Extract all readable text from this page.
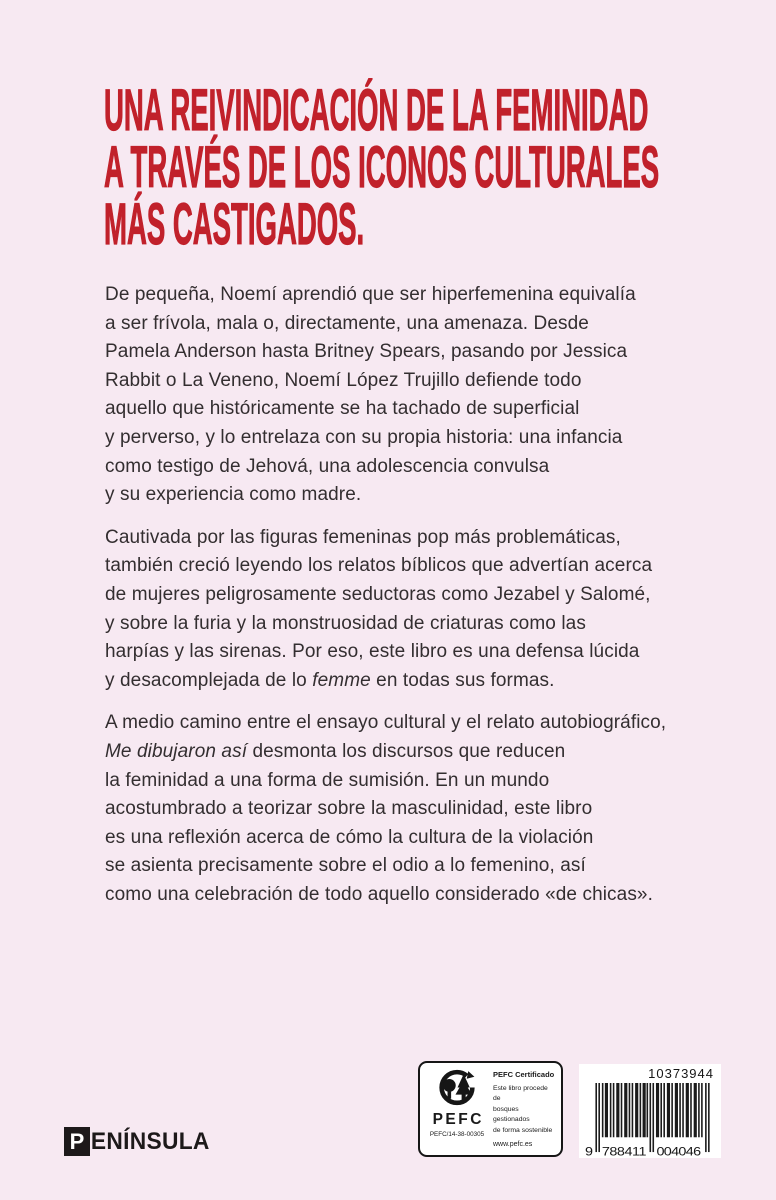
UNA REIVINDICACIÓN DE LA FEMINIDAD
A TRAVÉS DE LOS ICONOS CULTURALES
MÁS CASTIGADOS.
De pequeña, Noemí aprendió que ser hiperfemenina equivalía
a ser frívola, mala o, directamente, una amenaza. Desde
Pamela Anderson hasta Britney Spears, pasando por Jessica
Rabbit o La Veneno, Noemí López Trujillo defiende todo
aquello que históricamente se ha tachado de superficial
y perverso, y lo entrelaza con su propia historia: una infancia
como testigo de Jehová, una adolescencia convulsa
y su experiencia como madre.
Cautivada por las figuras femeninas pop más problemáticas,
también creció leyendo los relatos bíblicos que advertían acerca
de mujeres peligrosamente seductoras como Jezabel y Salomé,
y sobre la furia y la monstruosidad de criaturas como las
harpías y las sirenas. Por eso, este libro es una defensa lúcida
y desacomplejada de lo femme en todas sus formas.
A medio camino entre el ensayo cultural y el relato autobiográfico,
Me dibujaron así desmonta los discursos que reducen
la feminidad a una forma de sumisión. En un mundo
acostumbrado a teorizar sobre la masculinidad, este libro
es una reflexión acerca de cómo la cultura de la violación
se asienta precisamente sobre el odio a lo femenino, así
como una celebración de todo aquello considerado «de chicas».
P ENÍNSULA
PEFC
PEFC/14-38-00305
PEFC Certificado
Este libro procede de
bosques gestionados
de forma sostenible
www.pefc.es
10373944
9 788411 004046
